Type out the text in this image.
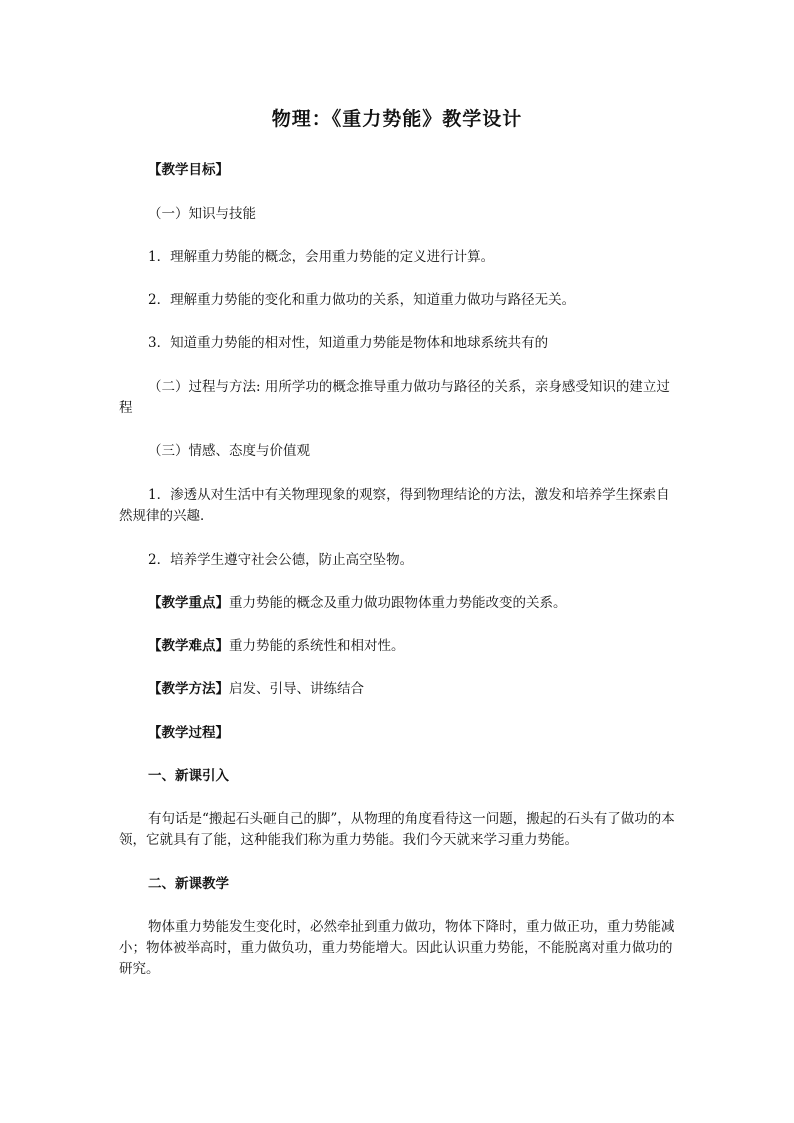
物理：《重力势能》教学设计
【教学目标】
（一）知识与技能
1．理解重力势能的概念，会用重力势能的定义进行计算。
2．理解重力势能的变化和重力做功的关系，知道重力做功与路径无关。
3．知道重力势能的相对性，知道重力势能是物体和地球系统共有的
（二）过程与方法: 用所学功的概念推导重力做功与路径的关系，亲身感受知识的建立过程
（三）情感、态度与价值观
1．渗透从对生活中有关物理现象的观察，得到物理结论的方法，激发和培养学生探索自然规律的兴趣．
2．培养学生遵守社会公德，防止高空坠物。
【教学重点】重力势能的概念及重力做功跟物体重力势能改变的关系。
【教学难点】重力势能的系统性和相对性。
【教学方法】启发、引导、讲练结合
【教学过程】
一、新课引入
有句话是“搬起石头砸自己的脚”，从物理的角度看待这一问题，搬起的石头有了做功的本领，它就具有了能，这种能我们称为重力势能。我们今天就来学习重力势能。
二、新课教学
物体重力势能发生变化时，必然牵扯到重力做功，物体下降时，重力做正功，重力势能减小；物体被举高时，重力做负功，重力势能增大。因此认识重力势能，不能脱离对重力做功的研究。
